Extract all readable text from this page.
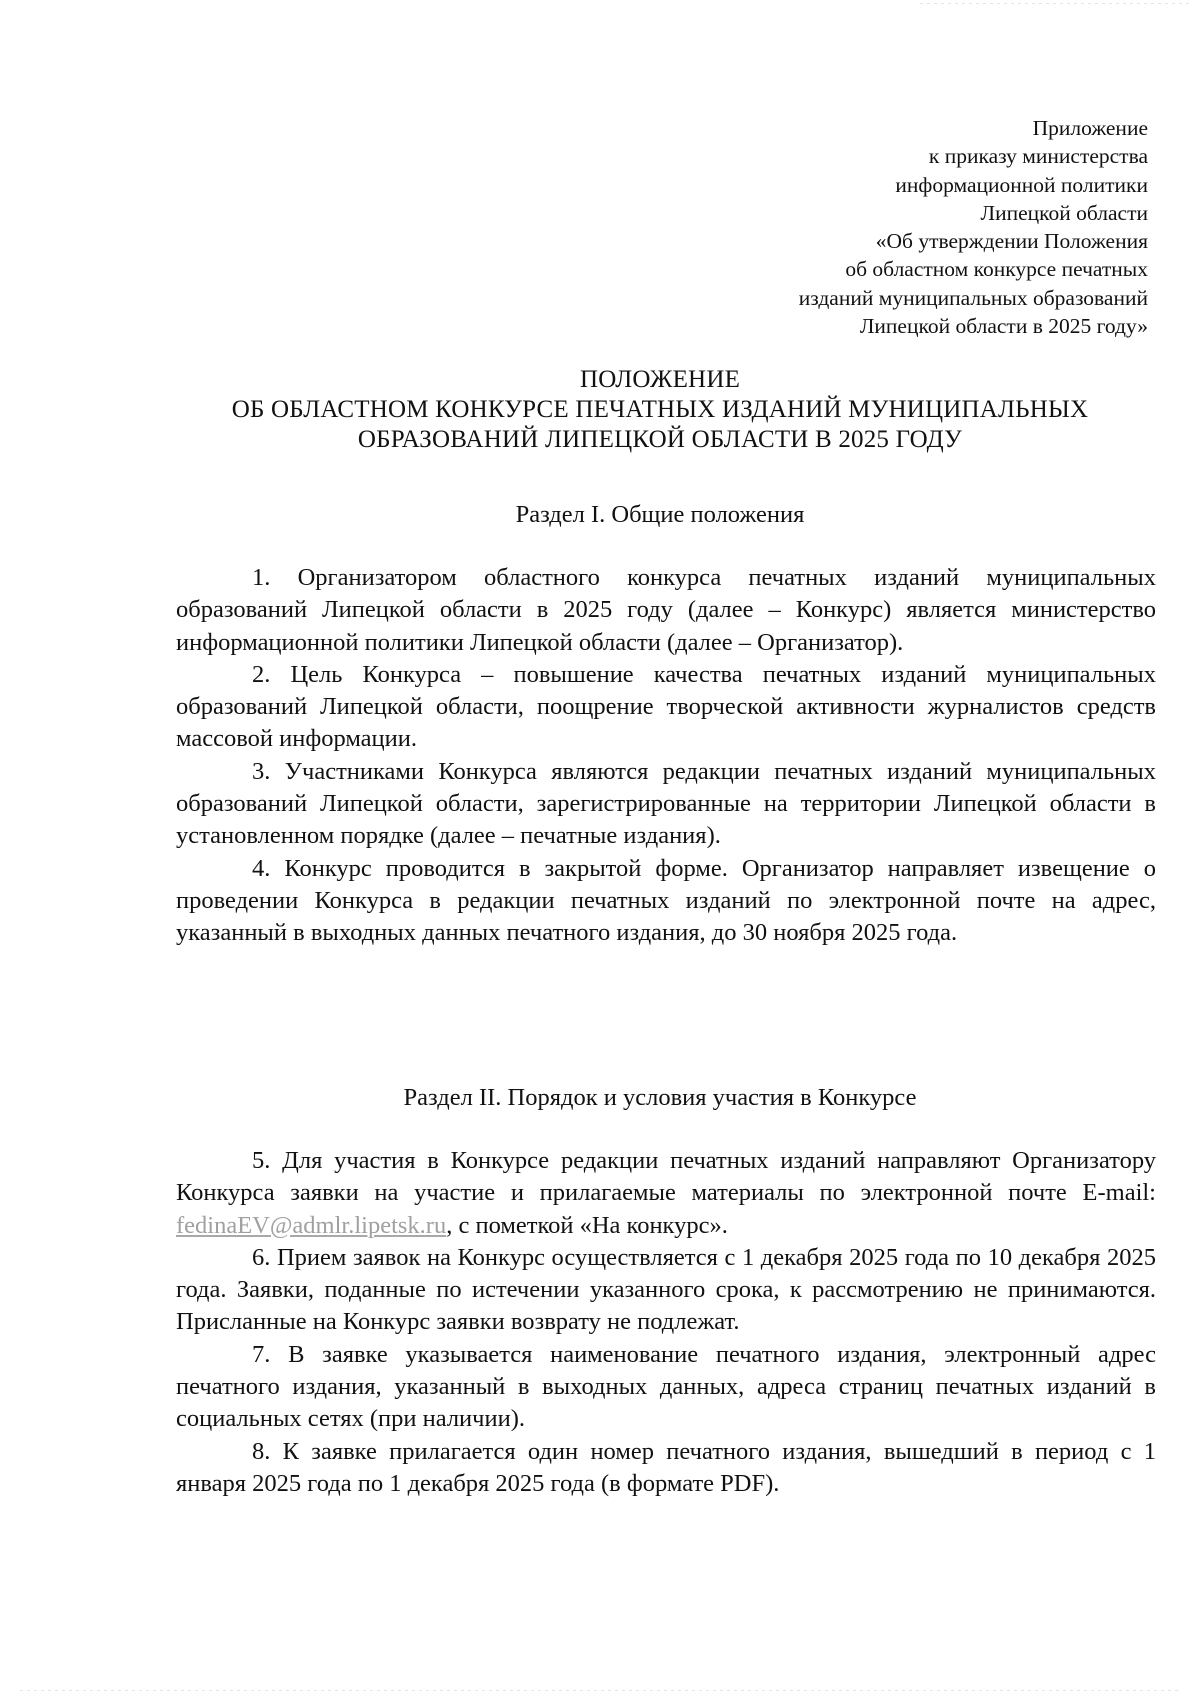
Приложение
к приказу министерства
информационной политики
Липецкой области
«Об утверждении Положения
об областном конкурсе печатных
изданий муниципальных образований
Липецкой области в 2025 году»
ПОЛОЖЕНИЕ
ОБ ОБЛАСТНОМ КОНКУРСЕ ПЕЧАТНЫХ ИЗДАНИЙ МУНИЦИПАЛЬНЫХ
ОБРАЗОВАНИЙ ЛИПЕЦКОЙ ОБЛАСТИ В 2025 ГОДУ
Раздел I. Общие положения

1. Организатором областного конкурса печатных изданий муниципальных образований Липецкой области в 2025 году (далее – Конкурс) является министерство информационной политики Липецкой области (далее – Организатор).

2. Цель Конкурса – повышение качества печатных изданий муниципальных образований Липецкой области, поощрение творческой активности журналистов средств массовой информации.

3. Участниками Конкурса являются редакции печатных изданий муниципальных образований Липецкой области, зарегистрированные на территории Липецкой области в установленном порядке (далее – печатные издания).

4. Конкурс проводится в закрытой форме. Организатор направляет извещение о проведении Конкурса в редакции печатных изданий по электронной почте на адрес, указанный в выходных данных печатного издания, до 30 ноября 2025 года.

Раздел II. Порядок и условия участия в Конкурсе

5. Для участия в Конкурсе редакции печатных изданий направляют Организатору Конкурса заявки на участие и прилагаемые материалы по электронной почте E-mail: fedinaEV@admlr.lipetsk.ru, с пометкой «На конкурс».

6. Прием заявок на Конкурс осуществляется с 1 декабря 2025 года по 10 декабря 2025 года. Заявки, поданные по истечении указанного срока, к рассмотрению не принимаются. Присланные на Конкурс заявки возврату не подлежат.

7. В заявке указывается наименование печатного издания, электронный адрес печатного издания, указанный в выходных данных, адреса страниц печатных изданий в социальных сетях (при наличии).

8. К заявке прилагается один номер печатного издания, вышедший в период с 1 января 2025 года по 1 декабря 2025 года (в формате PDF).
